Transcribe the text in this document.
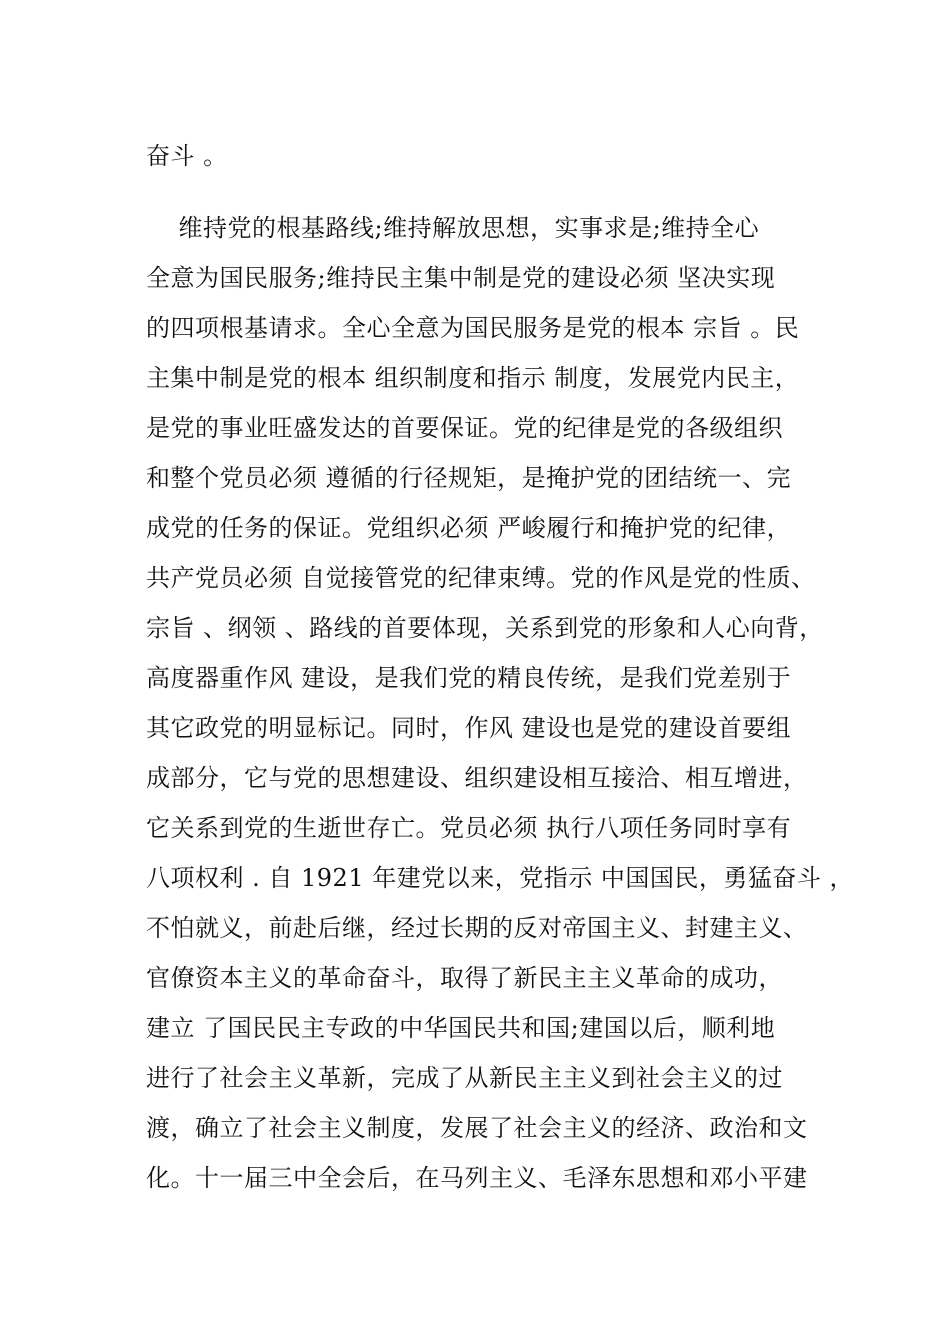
奋斗 。
维持党的根基路线;维持解放思想，实事求是;维持全心
全意为国民服务;维持民主集中制是党的建设必须 坚决实现
的四项根基请求。全心全意为国民服务是党的根本 宗旨 。民
主集中制是党的根本 组织制度和指示 制度，发展党内民主，
是党的事业旺盛发达的首要保证。党的纪律是党的各级组织
和整个党员必须 遵循的行径规矩，是掩护党的团结统一、完
成党的任务的保证。党组织必须 严峻履行和掩护党的纪律，
共产党员必须 自觉接管党的纪律束缚。党的作风是党的性质、
宗旨 、纲领 、路线的首要体现，关系到党的形象和人心向背，
高度器重作风 建设，是我们党的精良传统，是我们党差别于
其它政党的明显标记。同时，作风 建设也是党的建设首要组
成部分，它与党的思想建设、组织建设相互接洽、相互增进，
它关系到党的生逝世存亡。党员必须 执行八项任务同时享有
八项权利 . 自 1921 年建党以来，党指示 中国国民，勇猛奋斗 ，
不怕就义，前赴后继，经过长期的反对帝国主义、封建主义、
官僚资本主义的革命奋斗，取得了新民主主义革命的成功，
建立 了国民民主专政的中华国民共和国;建国以后，顺利地
进行了社会主义革新，完成了从新民主主义到社会主义的过
渡，确立了社会主义制度，发展了社会主义的经济、政治和文
化。十一届三中全会后，在马列主义、毛泽东思想和邓小平建
